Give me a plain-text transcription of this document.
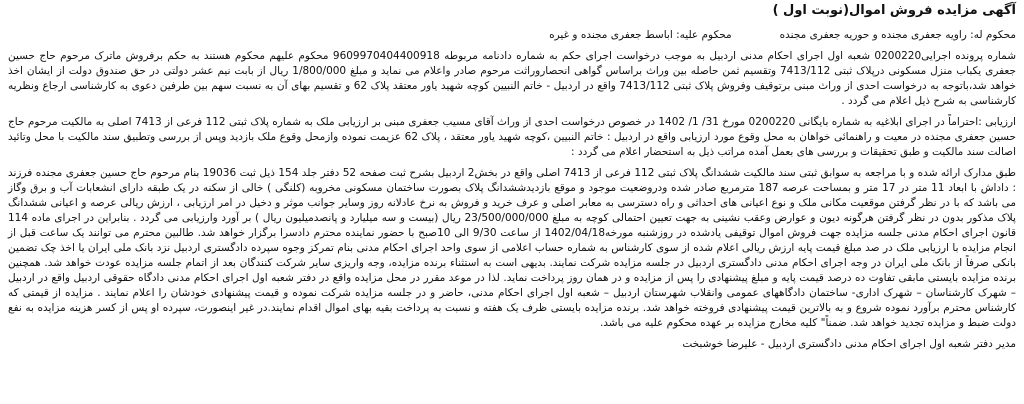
آگهی مزایده فروش اموال(نوبت اول )
محکوم له: راویه جعفری مجنده و حوریه جعفری مجندهمحکوم علیه: اباسط جعفری مجنده و غیره

شماره پرونده اجرایی0200220 شعبه اول اجرای احکام مدنی اردبیل به موجب درخواست اجرای حکم به شماره دادنامه مربوطه 9609970404400918 محکوم علیهم محکوم هستند به حکم برفروش ماترک مرحوم حاج حسین جعفری یکباب منزل مسکونی درپلاک ثبتی 7413/112 وتقسیم ثمن حاصله بین وراث براساس گواهی انحصاروراثت مرحوم صادر واعلام می نماید و مبلغ 1/800/000 ریال از بابت نیم عشر دولتی در حق صندوق دولت از ایشان اخذ خواهد شد،باتوجه به درخواست احدی از وراث مبنی برتوقیف وفروش پلاک ثبتی 7413/112 واقع در اردبیل - خاتم النبیین کوچه شهید یاور معتقد پلاک 62 و تقسیم بهای آن به نسبت سهم بین طرفین دعوی به کارشناسی ارجاع ونظریه کارشناسی به شرح ذیل اعلام می گردد .

ارزیابی :احتراماً در اجرای ابلاغیه به شماره بایگانی 0200220 مورخ 31/ 1/ 1402 در خصوص درخواست احدی از وراث آقای مسیب جعفری مبنی بر ارزیابی ملک به شماره پلاک ثبتی 112 فرعی از 7413 اصلی به مالکیت مرحوم حاج حسین جعفری مجنده در معیت و راهنمائی خواهان به محل وقوع مورد ارزیابی واقع در اردبیل : خاتم النبیین ،کوچه شهید یاور معتقد ، پلاک 62 عزیمت نموده وازمحل وقوع ملک بازدید وپس از بررسی وتطبیق سند مالکیت با محل وتائید اصالت سند مالکیت و طبق تحقیقات و بررسی های بعمل آمده مراتب ذیل به استحضار اعلام می گردد :

طبق مدارک ارائه شده و با مراجعه به سوابق ثبتی سند مالکیت ششدانگ پلاک ثبتی 112 فرعی از 7413 اصلی واقع در بخش2 اردبیل بشرح ثبت صفحه 52 دفتر جلد 154 ذیل ثبت 19036 بنام مرحوم حاج حسین جعفری مجنده فرزند : داداش با ابعاد 11 متر در 17 متر و بمساحت عرصه 187 مترمربع صادر شده ودروضعیت موجود و موقع بازدیدششدانگ پلاک بصورت ساختمان مسکونی مخروبه (کلنگی ) خالی از سکنه در یک طبقه دارای انشعابات آب و برق وگاز می باشد که با در نظر گرفتن موقعیت مکانی ملک و نوع اعیانی های احداثی و راه دسترسی به معابر اصلی و عرف خرید و فروش به نرخ عادلانه روز وسایر جوانب موثر و دخیل در امر ارزیابی ، ارزش ریالی عرصه و اعیانی ششدانگ پلاک مذکور بدون در نظر گرفتن هرگونه دیون و عوارض وعقب نشینی به جهت تعیین احتمالی کوچه به مبلغ 23/500/000/000 ریال (بیست و سه میلیارد و پانصدمیلیون ریال ) بر آورد وارزیابی می گردد . بنابراین در اجرای ماده 114 قانون اجرای احکام مدنی جلسه مزایده جهت فروش اموال توقیفی یادشده در روزشنبه مورخه1402/04/18 از ساعت 9/30 الی 10صبح با حضور نماینده محترم دادسرا برگزار خواهد شد. طالبین محترم می توانند یک ساعت قبل از انجام مزایده با ارزیابی ملک در صد مبلغ قیمت پایه ارزش ریالی اعلام شده از سوی کارشناس به شماره حساب اعلامی از سوی واحد اجرای احکام مدنی بنام تمرکز وجوه سپرده دادگستری اردبیل نزد بانک ملی ایران یا اخذ چک تضمین بانکی صرفاً از بانک ملی ایران در وجه اجرای احکام مدنی دادگستری اردبیل در جلسه مزایده شرکت نمایند. بدیهی است به استثناء برنده مزایده، وجه واریزی سایر شرکت کنندگان بعد از اتمام جلسه مزایده عودت خواهد شد. همچنین برنده مزایده بایستی مابقی تفاوت ده درصد قیمت پایه و مبلغ پیشنهادی را پس از مزایده و در همان روز پرداخت نماید. لذا در موعد مقرر در محل مزایده واقع در دفتر شعبه اول اجرای احکام مدنی دادگاه حقوقی اردبیل واقع در اردبیل – شهرک کارشناسان – شهرک اداری- ساختمان دادگاههای عمومی وانقلاب شهرستان اردبیل – شعبه اول اجرای احکام مدنی، حاضر و در جلسه مزایده شرکت نموده و قیمت پیشنهادی خودشان را اعلام نمایند . مزایده از قیمتی که کارشناس محترم برآورد نموده شروع و به بالاترین قیمت پیشنهادی فروخته خواهد شد. برنده مزایده بایستی ظرف یک هفته و نسبت به پرداخت بقیه بهای اموال اقدام نمایند.در غیر اینصورت، سپرده او پس از کسر هزینه مزایده به نفع دولت ضبط و مزایده تجدید خواهد شد. ضمناً" کلیه مخارج مزایده بر عهده محکوم علیه می باشد.

مدیر دفتر شعبه اول اجرای احکام مدنی دادگستری اردبیل - علیرضا خوشبخت
